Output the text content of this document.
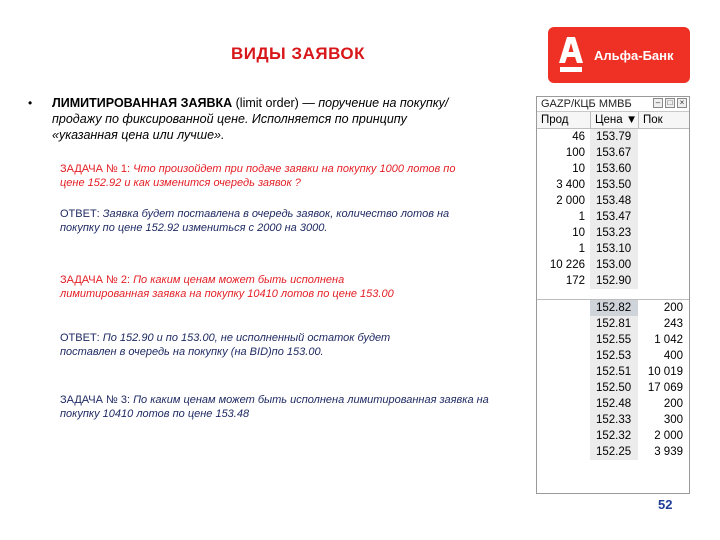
ВИДЫ ЗАЯВОК	Альфа-Банк
• ЛИМИТИРОВАННАЯ ЗАЯВКА (limit order) — поручение на покупку/продажу по фиксированной цене. Исполняется по принципу «указанная цена или лучше».
ЗАДАЧА № 1: Что произойдет при подаче заявки на покупку 1000 лотов по цене 152.92 и как изменится очередь заявок ?
ОТВЕТ: Заявка будет поставлена в очередь заявок, количество лотов на покупку по цене 152.92 измениться с 2000 на 3000.
ЗАДАЧА № 2: По каким ценам может быть исполнена лимитированная заявка на покупку 10410 лотов по цене 153.00
ОТВЕТ: По 152.90 и по 153.00, не исполненный остаток будет поставлен в очередь на покупку (на BID)по 153.00.
ЗАДАЧА № 3: По каким ценам может быть исполнена лимитированная заявка на покупку 10410 лотов по цене 153.48
GAZP/КЦБ ММВБ	– □ ×
Прод	Цена ▼ Пок
46 153.79
100 153.67
10 153.60
3 400 153.50
2 000 153.48
1 153.47
10 153.23
1 153.10
10 226 153.00
172 152.90
152.82	200
152.81	243
152.55	1 042
152.53	400
152.51	10 019
152.50	17 069
152.48	200
152.33	300
152.32	2 000
152.25	3 939
52
